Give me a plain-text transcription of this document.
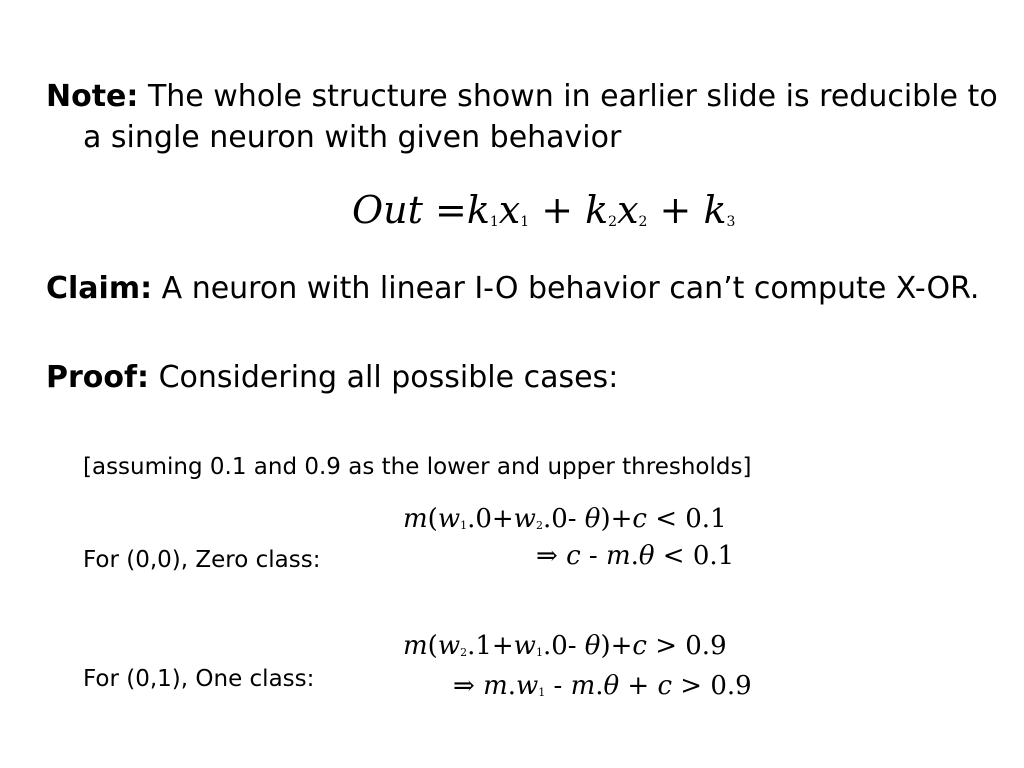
Note: The whole structure shown in earlier slide is reducible to a single neuron with given behavior
Out =k1x1 + k2x2 + k3
Claim: A neuron with linear I-O behavior can’t compute X-OR.
Proof: Considering all possible cases:
[assuming 0.1 and 0.9 as the lower and upper thresholds]
m(w1.0+w2.0- θ)+c < 0.1
⇒ c - m.θ < 0.1
For (0,0), Zero class:
m(w2.1+w1.0- θ)+c > 0.9
⇒ m.w1 - m.θ + c > 0.9
For (0,1), One class:
